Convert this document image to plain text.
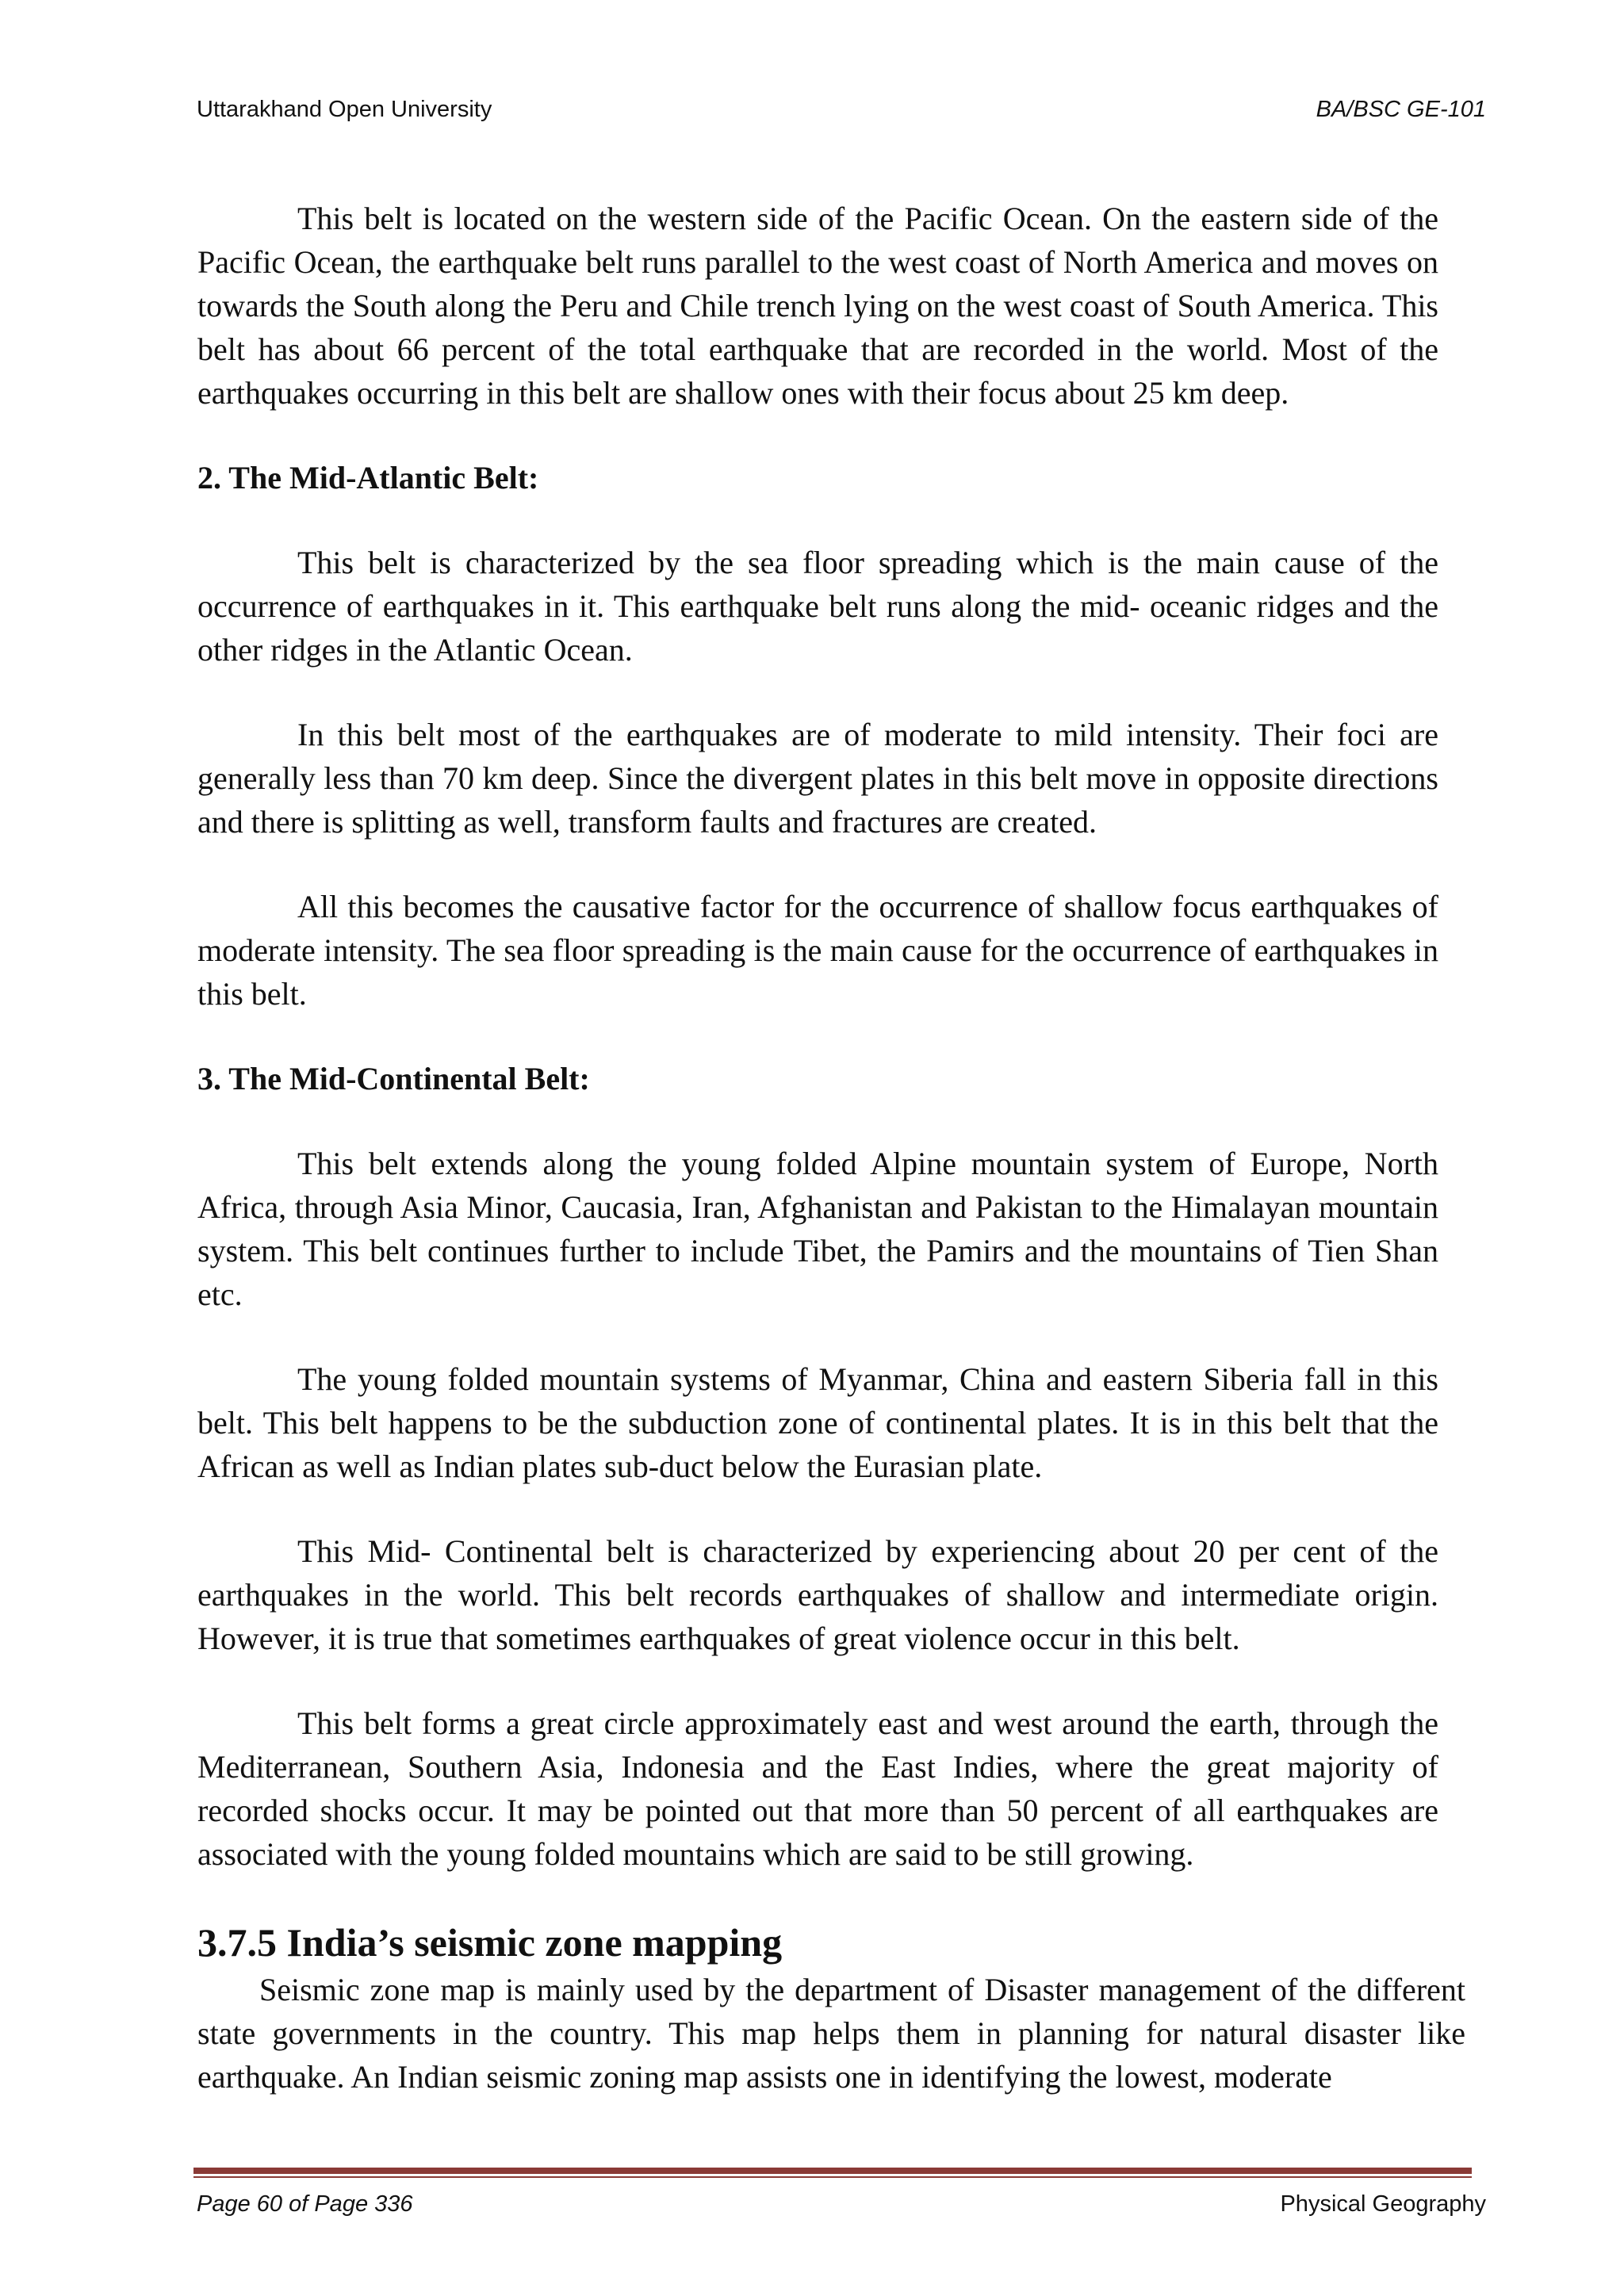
Uttarakhand Open University	BA/BSC GE-101

This belt is located on the western side of the Pacific Ocean. On the eastern side of the Pacific Ocean, the earthquake belt runs parallel to the west coast of North America and moves on towards the South along the Peru and Chile trench lying on the west coast of South America. This belt has about 66 percent of the total earthquake that are recorded in the world. Most of the earthquakes occurring in this belt are shallow ones with their focus about 25 km deep.

2. The Mid-Atlantic Belt:

This belt is characterized by the sea floor spreading which is the main cause of the occurrence of earthquakes in it. This earthquake belt runs along the mid- oceanic ridges and the other ridges in the Atlantic Ocean.

In this belt most of the earthquakes are of moderate to mild intensity. Their foci are generally less than 70 km deep. Since the divergent plates in this belt move in opposite directions and there is splitting as well, transform faults and fractures are created.

All this becomes the causative factor for the occurrence of shallow focus earthquakes of moderate intensity. The sea floor spreading is the main cause for the occurrence of earthquakes in this belt.

3. The Mid-Continental Belt:

This belt extends along the young folded Alpine mountain system of Europe, North Africa, through Asia Minor, Caucasia, Iran, Afghanistan and Pakistan to the Himalayan mountain system. This belt continues further to include Tibet, the Pamirs and the mountains of Tien Shan etc.

The young folded mountain systems of Myanmar, China and eastern Siberia fall in this belt. This belt happens to be the subduction zone of continental plates. It is in this belt that the African as well as Indian plates sub-duct below the Eurasian plate.

This Mid- Continental belt is characterized by experiencing about 20 per cent of the earthquakes in the world. This belt records earthquakes of shallow and intermediate origin. However, it is true that sometimes earthquakes of great violence occur in this belt.

This belt forms a great circle approximately east and west around the earth, through the Mediterranean, Southern Asia, Indonesia and the East Indies, where the great majority of recorded shocks occur. It may be pointed out that more than 50 percent of all earthquakes are associated with the young folded mountains which are said to be still growing.

3.7.5 India’s seismic zone mapping

Seismic zone map is mainly used by the department of Disaster management of the different state governments in the country. This map helps them in planning for natural disaster like earthquake. An Indian seismic zoning map assists one in identifying the lowest, moderate

Page 60 of Page 336	Physical Geography
